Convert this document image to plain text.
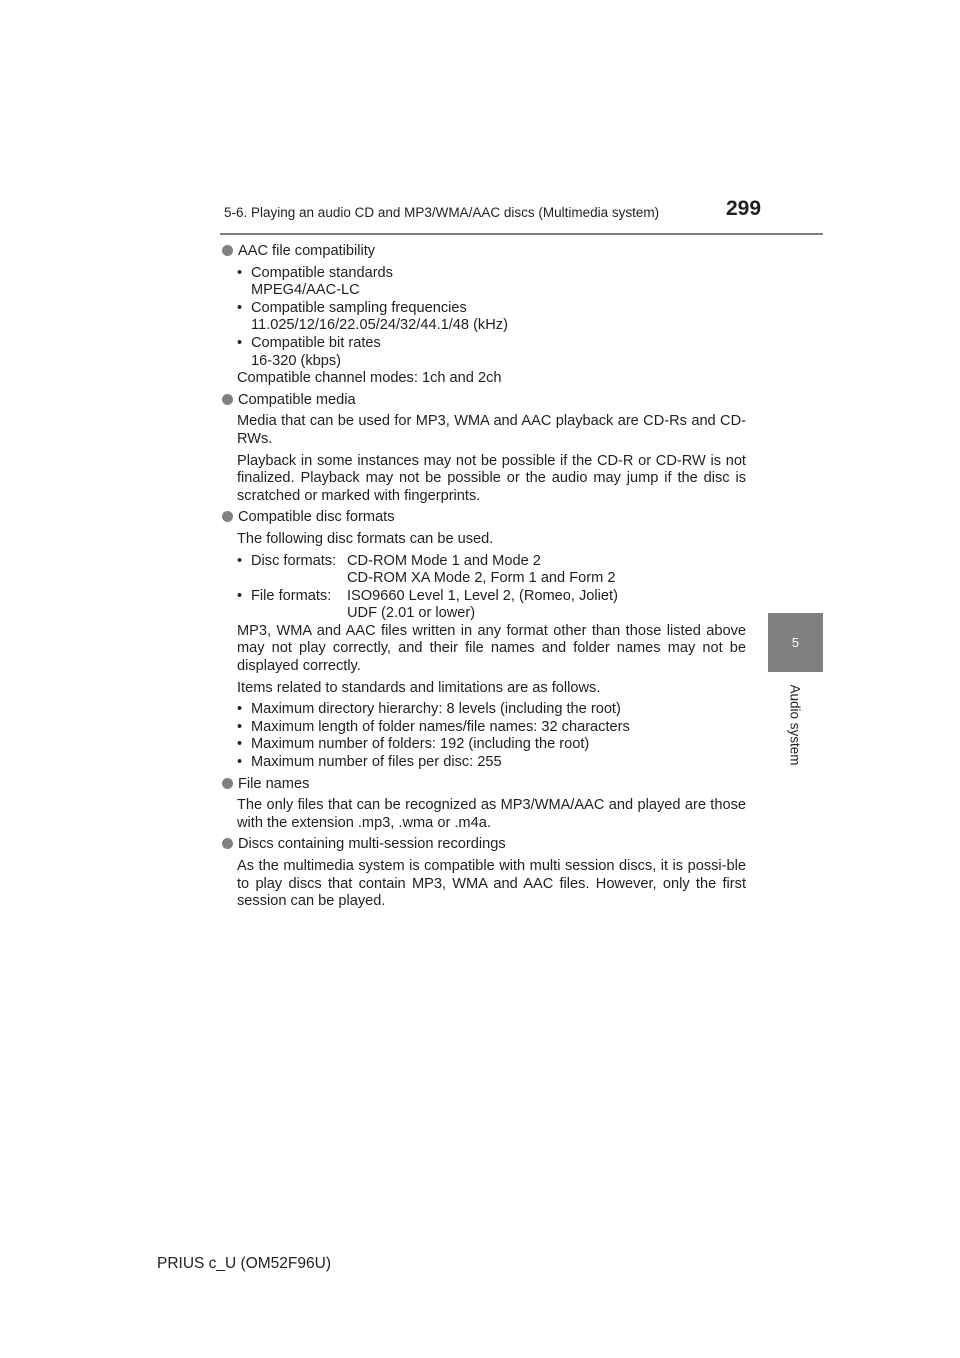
5-6. Playing an audio CD and MP3/WMA/AAC discs (Multimedia system)	299
5
Audio system
AAC file compatibility
• Compatible standards
MPEG4/AAC-LC
• Compatible sampling frequencies
11.025/12/16/22.05/24/32/44.1/48 (kHz)
• Compatible bit rates
16-320 (kbps)
Compatible channel modes: 1ch and 2ch
Compatible media

Media that can be used for MP3, WMA and AAC playback are CD-Rs and CD-RWs.

Playback in some instances may not be possible if the CD-R or CD-RW is not finalized. Playback may not be possible or the audio may jump if the disc is scratched or marked with fingerprints.

Compatible disc formats

The following disc formats can be used.

• Disc formats: CD-ROM Mode 1 and Mode 2
CD-ROM XA Mode 2, Form 1 and Form 2
• File formats:	ISO9660 Level 1, Level 2, (Romeo, Joliet)
UDF (2.01 or lower)
MP3, WMA and AAC files written in any format other than those listed above may not play correctly, and their file names and folder names may not be displayed correctly.

Items related to standards and limitations are as follows.

• Maximum directory hierarchy: 8 levels (including the root)
• Maximum length of folder names/file names: 32 characters
• Maximum number of folders: 192 (including the root)
• Maximum number of files per disc: 255
File names

The only files that can be recognized as MP3/WMA/AAC and played are those with the extension .mp3, .wma or .m4a.

Discs containing multi-session recordings

As the multimedia system is compatible with multi session discs, it is possi-ble to play discs that contain MP3, WMA and AAC files. However, only the first session can be played.

PRIUS c_U (OM52F96U)
